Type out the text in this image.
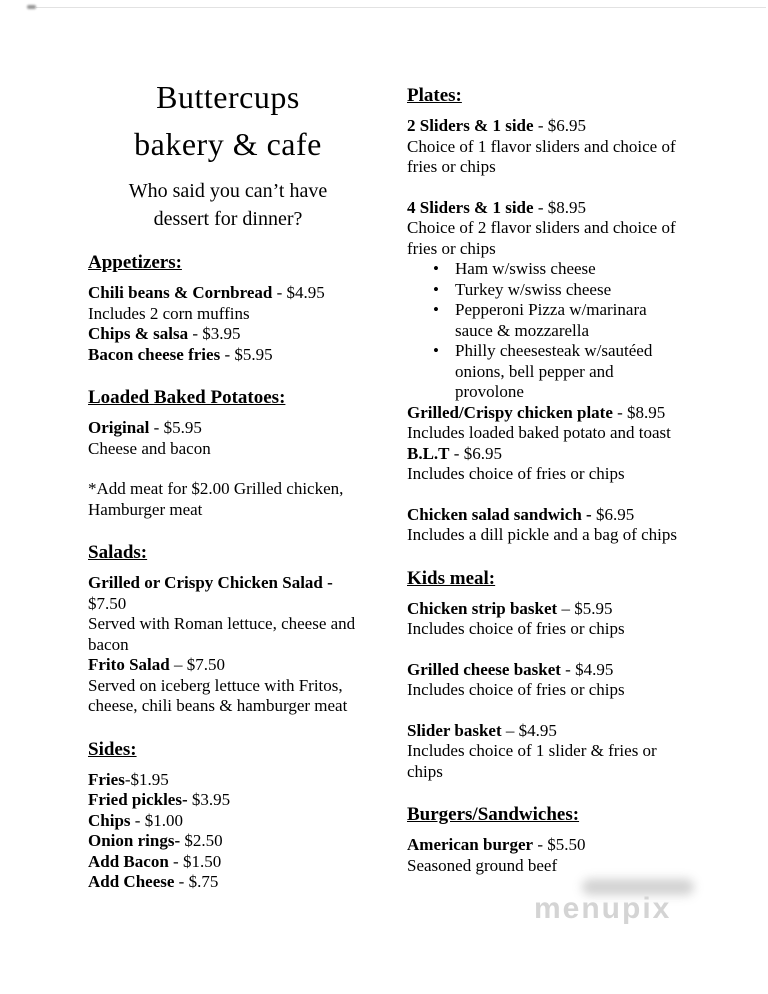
Buttercups
bakery & cafe
Who said you can’t have
dessert for dinner?
Appetizers:
Chili beans & Cornbread - $4.95
Includes 2 corn muffins
Chips & salsa - $3.95
Bacon cheese fries - $5.95
Loaded Baked Potatoes:
Original - $5.95
Cheese and bacon
*Add meat for $2.00 Grilled chicken, Hamburger meat
Salads:
Grilled or Crispy Chicken Salad - $7.50
Served with Roman lettuce, cheese and bacon
Frito Salad – $7.50
Served on iceberg lettuce with Fritos, cheese, chili beans & hamburger meat
Sides:
Fries-$1.95
Fried pickles- $3.95
Chips - $1.00
Onion rings- $2.50
Add Bacon - $1.50
Add Cheese - $.75
Plates:
2 Sliders & 1 side - $6.95
Choice of 1 flavor sliders and choice of fries or chips
4 Sliders & 1 side - $8.95
Choice of 2 flavor sliders and choice of fries or chips
•
Ham w/swiss cheese
•
Turkey w/swiss cheese
•
Pepperoni Pizza w/marinara sauce & mozzarella
•
Philly cheesesteak w/sautéed onions, bell pepper and provolone
Grilled/Crispy chicken plate - $8.95
Includes loaded baked potato and toast
B.L.T - $6.95
Includes choice of fries or chips
Chicken salad sandwich - $6.95
Includes a dill pickle and a bag of chips
Kids meal:
Chicken strip basket – $5.95
Includes choice of fries or chips
Grilled cheese basket - $4.95
Includes choice of fries or chips
Slider basket – $4.95
Includes choice of 1 slider & fries or chips
Burgers/Sandwiches:
American burger - $5.50
Seasoned ground beef
menupix
